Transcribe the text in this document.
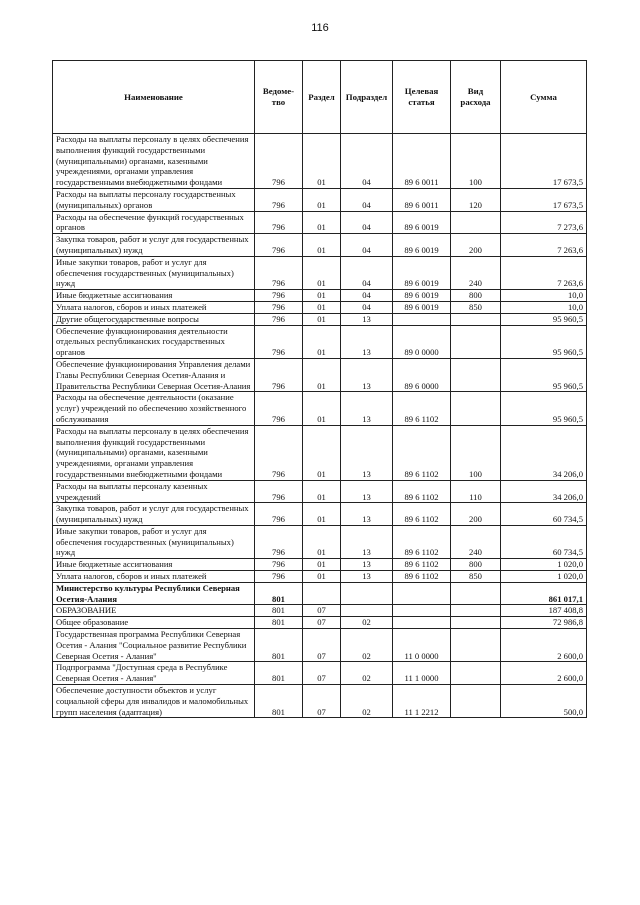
116
Наименование	Ведоме-тво	Раздел	Подраздел	Целевая статья	Вид расхода	Сумма
Расходы на выплаты персоналу в целях обеспечения выполнения функций государственными (муниципальными) органами, казенными учреждениями, органами управления государственными внебюджетными фондами	796	01	04	89 6 0011	100	17 673,5
Расходы на выплаты персоналу государственных (муниципальных) органов	796	01	04	89 6 0011	120	17 673,5
Расходы на обеспечение функций государственных органов	796	01	04	89 6 0019		7 273,6
Закупка товаров, работ и услуг для государственных (муниципальных) нужд	796	01	04	89 6 0019	200	7 263,6
Иные закупки товаров, работ и услуг для обеспечения государственных (муниципальных) нужд	796	01	04	89 6 0019	240	7 263,6
Иные бюджетные ассигнования	796	01	04	89 6 0019	800	10,0
Уплата налогов, сборов и иных платежей	796	01	04	89 6 0019	850	10,0
Другие общегосударственные вопросы	796	01	13			95 960,5
Обеспечение функционирования деятельности отдельных республиканских государственных органов	796	01	13	89 0 0000		95 960,5
Обеспечение функционирования Управления делами Главы Республики Северная Осетия-Алания и Правительства Республики Северная Осетия-Алания	796	01	13	89 6 0000		95 960,5
Расходы на обеспечение деятельности (оказание услуг) учреждений по обеспечению хозяйственного обслуживания	796	01	13	89 6 1102		95 960,5
Расходы на выплаты персоналу в целях обеспечения выполнения функций государственными (муниципальными) органами, казенными учреждениями, органами управления государственными внебюджетными фондами	796	01	13	89 6 1102	100	34 206,0
Расходы на выплаты персоналу казенных учреждений	796	01	13	89 6 1102	110	34 206,0
Закупка товаров, работ и услуг для государственных (муниципальных) нужд	796	01	13	89 6 1102	200	60 734,5
Иные закупки товаров, работ и услуг для обеспечения государственных (муниципальных) нужд	796	01	13	89 6 1102	240	60 734,5
Иные бюджетные ассигнования	796	01	13	89 6 1102	800	1 020,0
Уплата налогов, сборов и иных платежей	796	01	13	89 6 1102	850	1 020,0
Министерство культуры Республики Северная Осетия-Алания	801					861 017,1
ОБРАЗОВАНИЕ	801	07				187 408,8
Общее образование	801	07	02			72 986,8
Государственная программа Республики Северная Осетия - Алания "Социальное развитие Республики Северная Осетия - Алания"	801	07	02	11 0 0000		2 600,0
Подпрограмма "Доступная среда в Республике Северная Осетия - Алания"	801	07	02	11 1 0000		2 600,0
Обеспечение доступности объектов и услуг социальной сферы для инвалидов и маломобильных групп населения (адаптация)	801	07	02	11 1 2212		500,0
